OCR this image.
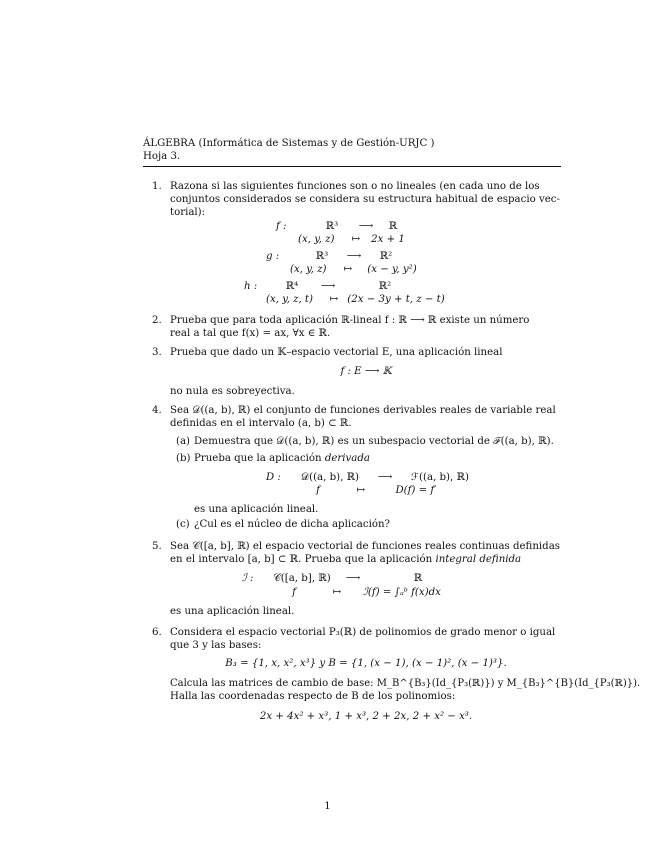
ÁLGEBRA (Informática de Sistemas y de Gestión-URJC )
Hoja 3.
1. Razona si las siguientes funciones son o no lineales (en cada uno de los
conjuntos considerados se considera su estructura habitual de espacio vec-
torial):
f :	ℝ³ ⟶ ℝ
(x, y, z) ↦ 2x + 1
g :	ℝ³ ⟶ ℝ²
(x, y, z) ↦ (x − y, y²)
h :	ℝ⁴ ⟶	ℝ²
(x, y, z, t) ↦ (2x − 3y + t, z − t)
2. Prueba que para toda aplicación ℝ-lineal f : ℝ ⟶ ℝ existe un número
real a tal que f(x) = ax, ∀x ∈ ℝ.
3. Prueba que dado un 𝕂–espacio vectorial E, una aplicación lineal
f : E ⟶ 𝕂
no nula es sobreyectiva.
4. Sea 𝒟((a, b), ℝ) el conjunto de funciones derivables reales de variable real
definidas en el intervalo (a, b) ⊂ ℝ.
(a) Demuestra que 𝒟((a, b), ℝ) es un subespacio vectorial de ℱ((a, b), ℝ).
(b) Prueba que la aplicación derivada
D : 𝒟((a, b), ℝ) ⟶ ℱ((a, b), ℝ)
f	↦	D(f) = f′
es una aplicación lineal.
(c) ¿Cul es el núcleo de dicha aplicación?
5. Sea 𝒞([a, b], ℝ) el espacio vectorial de funciones reales continuas definidas
en el intervalo [a, b] ⊂ ℝ. Prueba que la aplicación integral definida
ℐ : 𝒞([a, b], ℝ) ⟶	ℝ
f	↦ ℐ(f) = ∫ₐᵇ f(x)dx
es una aplicación lineal.
6. Considera el espacio vectorial P₃(ℝ) de polinomios de grado menor o igual
que 3 y las bases:
B₃ = {1, x, x², x³} y B = {1, (x − 1), (x − 1)², (x − 1)³}.
Calcula las matrices de cambio de base: M_B^{B₃}(Id_{P₃(ℝ)}) y M_{B₃}^{B}(Id_{P₃(ℝ)}).
Halla las coordenadas respecto de B de los polinomios:
2x + 4x² + x³, 1 + x³, 2 + 2x, 2 + x² − x³.
1
